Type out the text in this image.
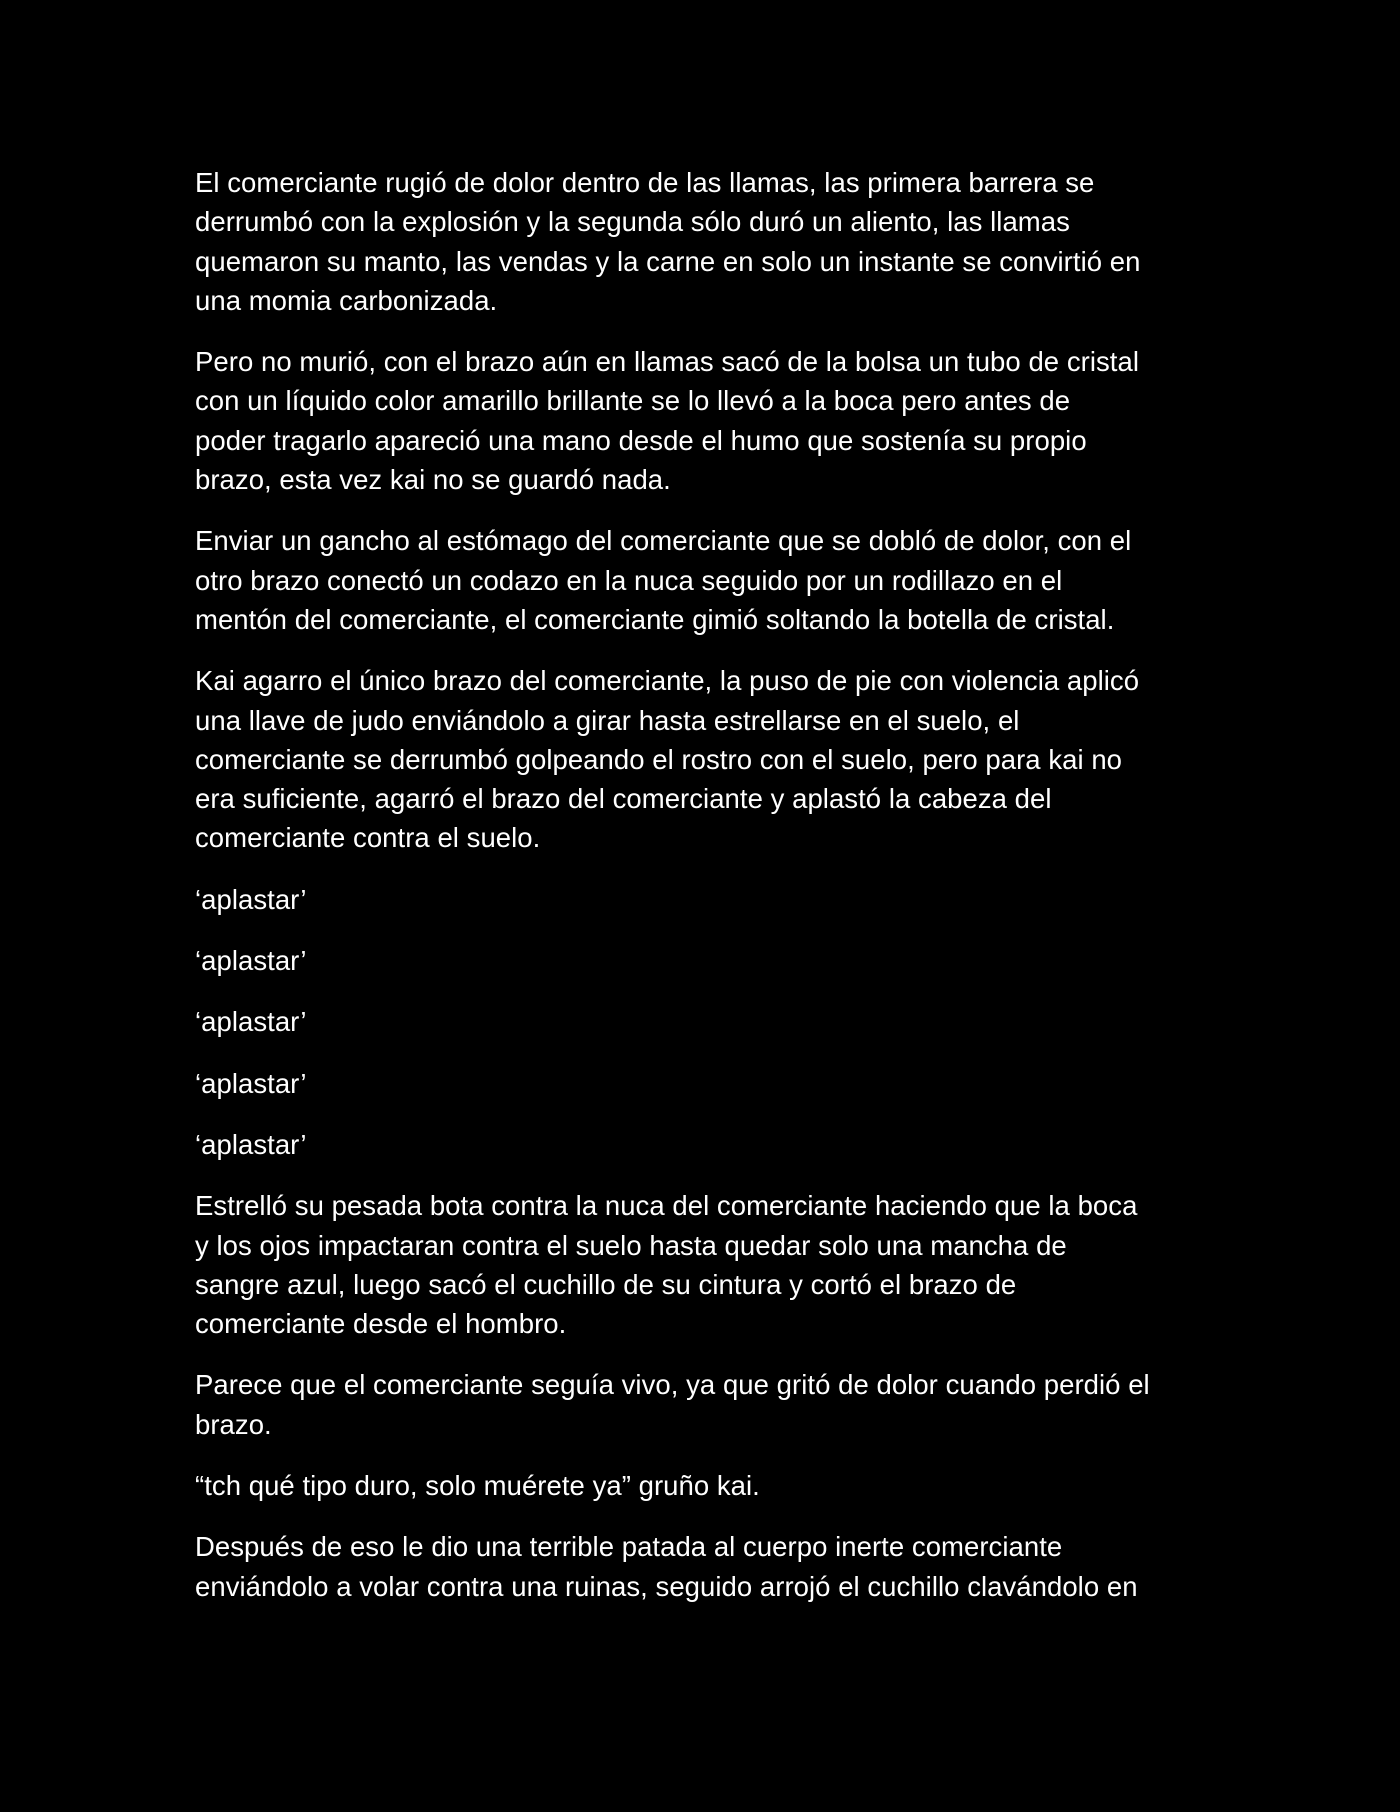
El comerciante rugió de dolor dentro de las llamas, las primera barrera se
derrumbó con la explosión y la segunda sólo duró un aliento, las llamas
quemaron su manto, las vendas y la carne en solo un instante se convirtió en
una momia carbonizada.

Pero no murió, con el brazo aún en llamas sacó de la bolsa un tubo de cristal
con un líquido color amarillo brillante se lo llevó a la boca pero antes de
poder tragarlo apareció una mano desde el humo que sostenía su propio
brazo, esta vez kai no se guardó nada.

Enviar un gancho al estómago del comerciante que se dobló de dolor, con el
otro brazo conectó un codazo en la nuca seguido por un rodillazo en el
mentón del comerciante, el comerciante gimió soltando la botella de cristal.

Kai agarro el único brazo del comerciante, la puso de pie con violencia aplicó
una llave de judo enviándolo a girar hasta estrellarse en el suelo, el
comerciante se derrumbó golpeando el rostro con el suelo, pero para kai no
era suficiente, agarró el brazo del comerciante y aplastó la cabeza del
comerciante contra el suelo.

‘aplastar’

‘aplastar’

‘aplastar’

‘aplastar’

‘aplastar’

Estrelló su pesada bota contra la nuca del comerciante haciendo que la boca
y los ojos impactaran contra el suelo hasta quedar solo una mancha de
sangre azul, luego sacó el cuchillo de su cintura y cortó el brazo de
comerciante desde el hombro.

Parece que el comerciante seguía vivo, ya que gritó de dolor cuando perdió el
brazo.

“tch qué tipo duro, solo muérete ya” gruño kai.

Después de eso le dio una terrible patada al cuerpo inerte comerciante
enviándolo a volar contra una ruinas, seguido arrojó el cuchillo clavándolo en
